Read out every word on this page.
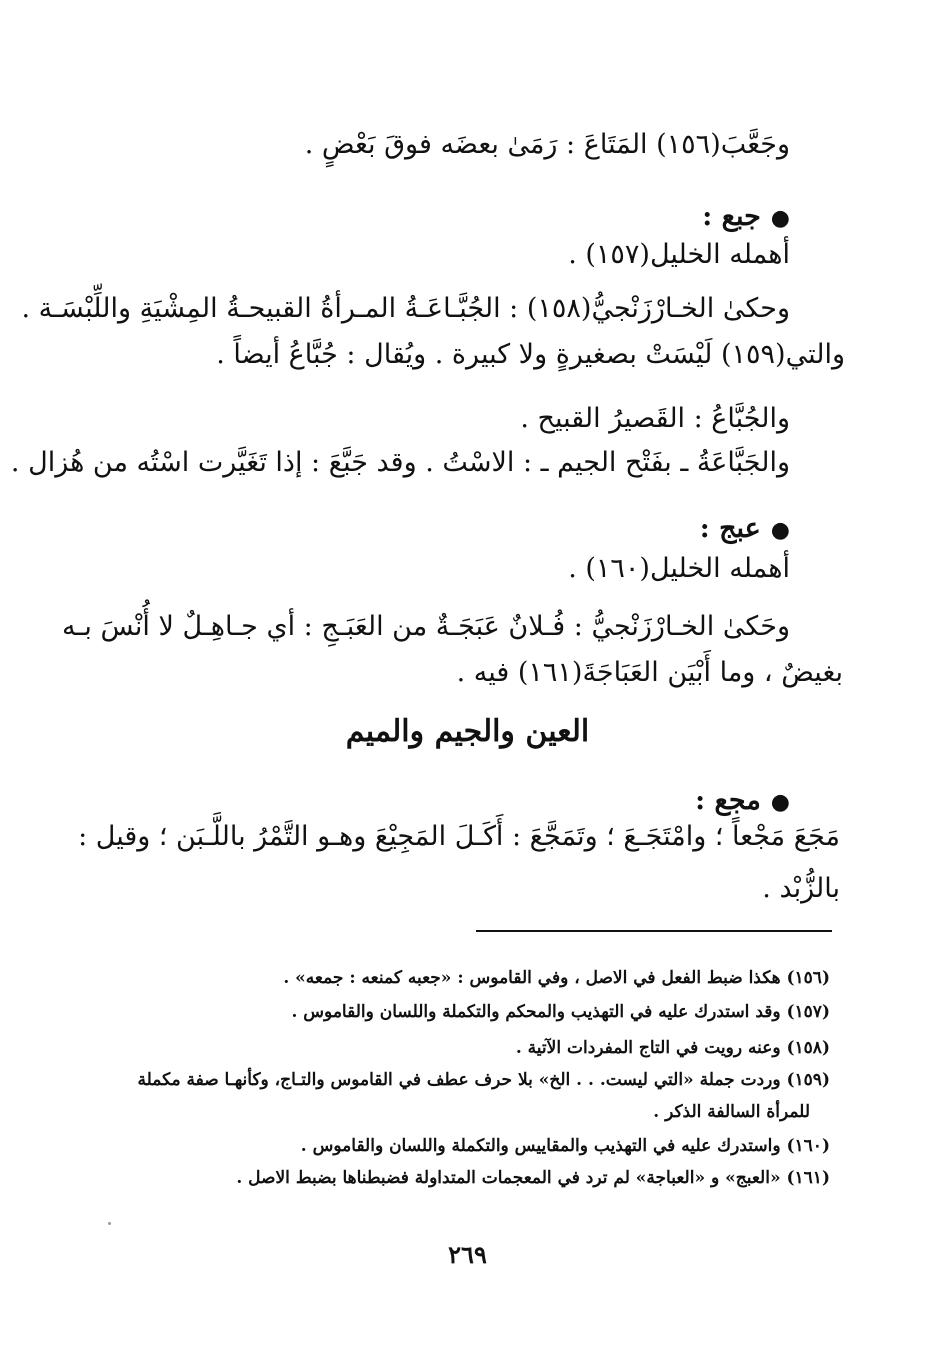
وجَعَّبَ(١٥٦) المَتَاعَ : رَمَىٰ بعضَه فوقَ بَعْضٍ .
●جبع :
أهمله الخليل(١٥٧) .
وحكىٰ الخـارْزَنْجيُّ(١٥٨) : الجُبَّـاعَـةُ المـرأةُ القبيحـةُ المِشْيَةِ واللِّبْسَـة .
والتي(١٥٩) لَيْسَتْ بصغيرةٍ ولا كبيرة . ويُقال : جُبَّاعُ أيضاً .
والجُبَّاعُ : القَصيرُ القبيح .
والجَبَّاعَةُ ـ بفَتْح الجيم ـ : الاسْتُ . وقد جَبَّعَ : إذا تَغَيَّرت اسْتُه من هُزال .
●عبج :
أهمله الخليل(١٦٠) .
وحَكىٰ الخـارْزَنْجيُّ : فُـلانٌ عَبَجَـةٌ من العَبَـجِ : أي جـاهِـلٌ لا أُنْسَ بـه
بغيضٌ ، وما أَبْيَن العَبَاجَةَ(١٦١) فيه .
العين والجيم والميم
●مجع :
مَجَعَ مَجْعاً ؛ وامْتَجَـعَ ؛ وتَمَجَّعَ : أَكَـلَ المَجِيْعَ وهـو التَّمْرُ باللَّـبَن ؛ وقيل :
بالزُّبْد .
(١٥٦) هكذا ضبط الفعل في الاصل ، وفي القاموس : «جعبه كمنعه : جمعه» .
(١٥٧) وقد استدرك عليه في التهذيب والمحكم والتكملة واللسان والقاموس .
(١٥٨) وعنه رويت في التاج المفردات الآتية .
(١٥٩) وردت جملة «التي ليست. . . الخ» بلا حرف عطف في القاموس والتـاج، وكأنهـا صفة مكملة
للمرأة السالفة الذكر .
(١٦٠) واستدرك عليه في التهذيب والمقاييس والتكملة واللسان والقاموس .
(١٦١) «العبج» و «العباجة» لم ترد في المعجمات المتداولة فضبطناها بضبط الاصل .
٢٦٩
